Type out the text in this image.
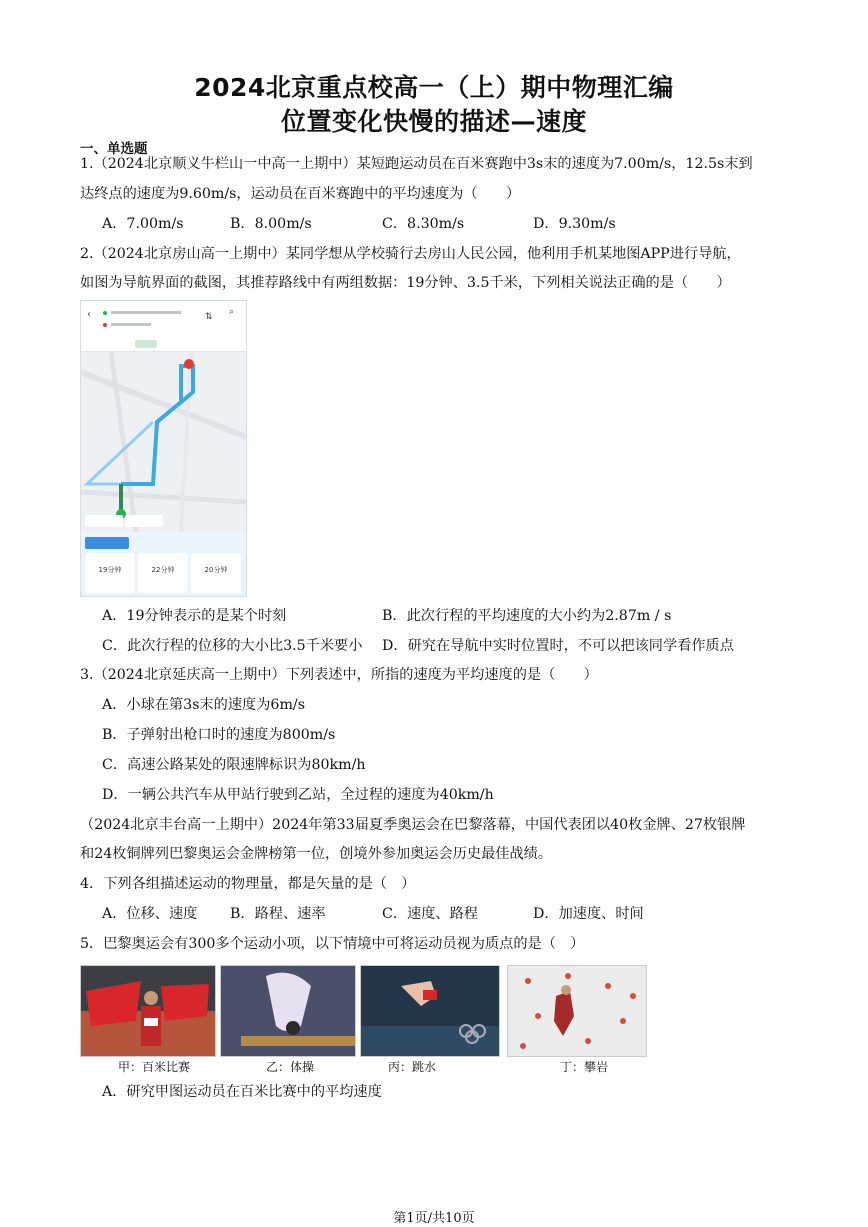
2024北京重点校高一（上）期中物理汇编
位置变化快慢的描述—速度
一、单选题
1.（2024北京顺义牛栏山一中高一上期中）某短跑运动员在百米赛跑中3s末的速度为7.00m/s，12.5s末到
达终点的速度为9.60m/s，运动员在百米赛跑中的平均速度为（　　）
A．7.00m/s	B．8.00m/s	C．8.30m/s	D．9.30m/s
2.（2024北京房山高一上期中）某同学想从学校骑行去房山人民公园，他利用手机某地图APP进行导航，
如图为导航界面的截图，其推荐路线中有两组数据：19分钟、3.5千米，下列相关说法正确的是（　　）
‹	⇅ ⌕
19分钟	22分钟	20分钟
A．19分钟表示的是某个时刻	B．此次行程的平均速度的大小约为2.87m / s
C．此次行程的位移的大小比3.5千米要小 D．研究在导航中实时位置时，不可以把该同学看作质点
3.（2024北京延庆高一上期中）下列表述中，所指的速度为平均速度的是（　　）
A．小球在第3s末的速度为6m/s
B．子弹射出枪口时的速度为800m/s
C．高速公路某处的限速牌标识为80km/h
D．一辆公共汽车从甲站行驶到乙站，全过程的速度为40km/h
（2024北京丰台高一上期中）2024年第33届夏季奥运会在巴黎落幕，中国代表团以40枚金牌、27枚银牌
和24枚铜牌列巴黎奥运会金牌榜第一位，创境外参加奥运会历史最佳战绩。
4．下列各组描述运动的物理量，都是矢量的是（　）
A．位移、速度 B．路程、速率	C．速度、路程	D．加速度、时间
5．巴黎奥运会有300多个运动小项，以下情境中可将运动员视为质点的是（　）
甲：百米比赛	乙：体操	丙：跳水	丁：攀岩
A．研究甲图运动员在百米比赛中的平均速度
第1页/共10页
